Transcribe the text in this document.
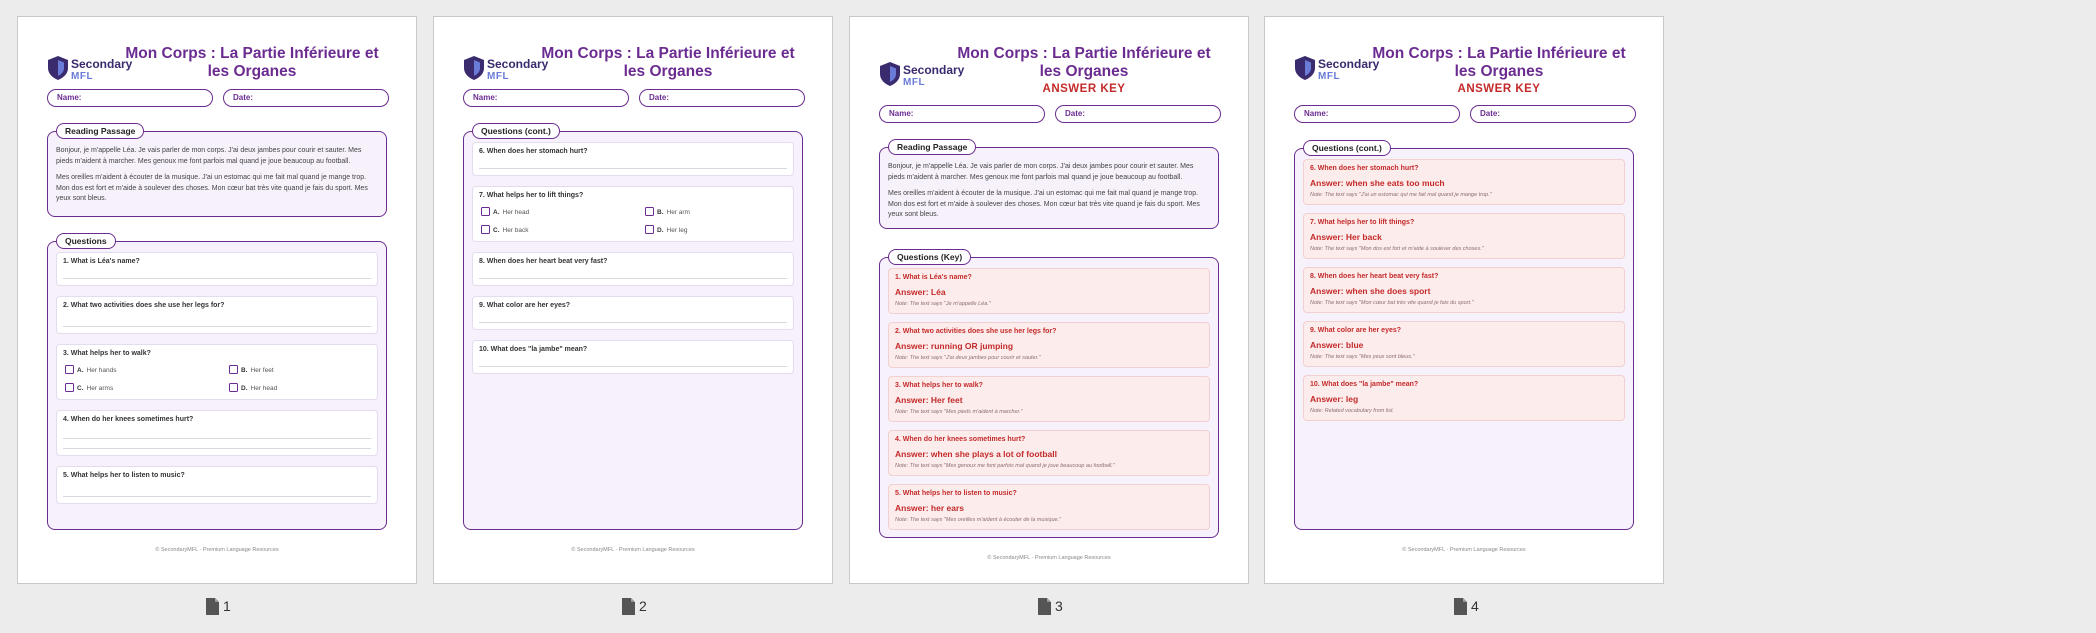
Secondary
MFL
Mon Corps : La Partie Inférieure et les Organes
Name:	Date:
Reading Passage

Bonjour, je m'appelle Léa. Je vais parler de mon corps. J'ai deux jambes pour courir et sauter. Mes pieds m'aident à marcher. Mes genoux me font parfois mal quand je joue beaucoup au football.

Mes oreilles m'aident à écouter de la musique. J'ai un estomac qui me fait mal quand je mange trop. Mon dos est fort et m'aide à soulever des choses. Mon cœur bat très vite quand je fais du sport. Mes yeux sont bleus.

Questions
1. What is Léa's name?
2. What two activities does she use her legs for?
3. What helps her to walk?
A. Her hands	B. Her feet
C. Her arms	D. Her head
4. When do her knees sometimes hurt?
5. What helps her to listen to music?
© SecondaryMFL · Premium Language Resources
Secondary
MFL
Mon Corps : La Partie Inférieure et les Organes
Name:	Date:
Questions (cont.)
6. When does her stomach hurt?
7. What helps her to lift things?
A. Her head	B. Her arm
C. Her back	D. Her leg
8. When does her heart beat very fast?
9. What color are her eyes?
10. What does "la jambe" mean?
© SecondaryMFL · Premium Language Resources
Secondary
MFL
Mon Corps : La Partie Inférieure et les Organes
ANSWER KEY
Name:	Date:
Reading Passage

Bonjour, je m'appelle Léa. Je vais parler de mon corps. J'ai deux jambes pour courir et sauter. Mes pieds m'aident à marcher. Mes genoux me font parfois mal quand je joue beaucoup au football.

Mes oreilles m'aident à écouter de la musique. J'ai un estomac qui me fait mal quand je mange trop. Mon dos est fort et m'aide à soulever des choses. Mon cœur bat très vite quand je fais du sport. Mes yeux sont bleus.

Questions (Key)
1. What is Léa's name?
Answer: Léa
Note: The text says "Je m'appelle Léa."
2. What two activities does she use her legs for?
Answer: running OR jumping
Note: The text says "J'ai deux jambes pour courir et sauter."
3. What helps her to walk?
Answer: Her feet
Note: The text says "Mes pieds m'aident à marcher."
4. When do her knees sometimes hurt?
Answer: when she plays a lot of football
Note: The text says "Mes genoux me font parfois mal quand je joue beaucoup au football."
5. What helps her to listen to music?
Answer: her ears
Note: The text says "Mes oreilles m'aident à écouter de la musique."
© SecondaryMFL · Premium Language Resources
Secondary
MFL
Mon Corps : La Partie Inférieure et les Organes
ANSWER KEY
Name:	Date:
Questions (cont.)
6. When does her stomach hurt?
Answer: when she eats too much
Note: The text says "J'ai un estomac qui me fait mal quand je mange trop."
7. What helps her to lift things?
Answer: Her back
Note: The text says "Mon dos est fort et m'aide à soulever des choses."
8. When does her heart beat very fast?
Answer: when she does sport
Note: The text says "Mon cœur bat très vite quand je fais du sport."
9. What color are her eyes?
Answer: blue
Note: The text says "Mes yeux sont bleus."
10. What does "la jambe" mean?
Answer: leg
Note: Related vocabulary from list.
© SecondaryMFL · Premium Language Resources
1	2	3	4
